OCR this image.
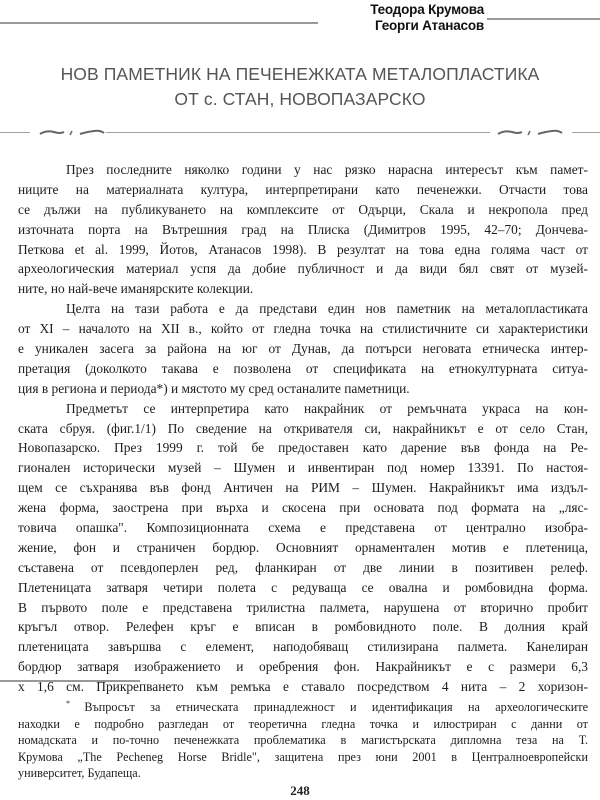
Теодора Крумова
Георги Атанасов
НОВ ПАМЕТНИК НА ПЕЧЕНЕЖКАТА МЕТАЛОПЛАСТИКА
ОТ с. СТАН, НОВОПАЗАРСКО
През последните няколко години у нас рязко нарасна интересът към памет-
ниците на материалната култура, интерпретирани като печенежки. Отчасти това
се дължи на публикуването на комплексите от Одърци, Скала и некропола пред
източната порта на Вътрешния град на Плиска (Димитров 1995, 42–70; Дончева-
Петкова et al. 1999, Йотов, Атанасов 1998). В резултат на това една голяма част от
археологическия материал успя да добие публичност и да види бял свят от музей-
ните, но най-вече иманярските колекции.
Целта на тази работа е да представи един нов паметник на металопластиката
от XI – началото на XII в., който от гледна точка на стилистичните си характеристики
е уникален засега за района на юг от Дунав, да потърси неговата етническа интер-
претация (доколкото такава е позволена от спецификата на етнокултурната ситуа-
ция в региона и периода*) и мястото му сред останалите паметници.
Предметът се интерпретира като накрайник от ремъчната украса на кон-
ската сбруя. (фиг.1/1) По сведение на откривателя си, накрайникът е от село Стан,
Новопазарско. През 1999 г. той бе предоставен като дарение във фонда на Ре-
гионален исторически музей – Шумен и инвентиран под номер 13391. По настоя-
щем се съхранява във фонд Античен на РИМ – Шумен. Накрайникът има издъл-
жена форма, заострена при върха и скосена при основата под формата на „ляс-
товича опашка". Композиционната схема е представена от централно изобра-
жение, фон и страничен бордюр. Основният орнаментален мотив е плетеница,
състaвена от псевдоперлен ред, фланкиран от две линии в позитивен релеф.
Плетеницата затваря четири полета с редуваща се овална и ромбовидна форма.
В първото поле е представена трилистна палмета, нарушена от вторично пробит
кръгъл отвор. Релефен кръг е вписан в ромбовидното поле. В долния край
плетеницата завършва с елемент, наподобяващ стилизирана палмета. Канелиран
бордюр затваря изображението и оребрения фон. Накрайникът е с размери 6,3
х 1,6 см. Прикрепването към ремъка е ставало посредством 4 нита – 2 хоризон-
* Въпросът за етническата принадлежност и идентификация на археологическите
находки е подробно разгледан от теоретична гледна точка и илюстриран с данни от
номадската и по-точно печенежката проблематика в магистърската дипломна теза на Т.
Крумова „The Pecheneg Horse Bridle", защитена през юни 2001 в Централноевропейски
университет, Будапеща.
248
